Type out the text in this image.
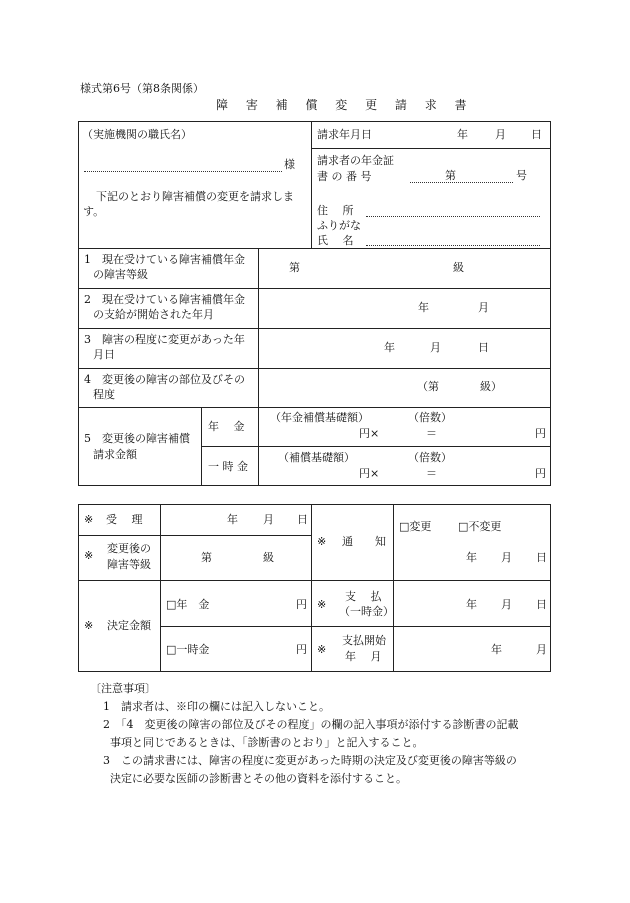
様式第6号（第8条関係）
障 害 補 償 変 更 請 求 書
（実施機関の職氏名）
様
下記のとおり障害補償の変更を請求しま
す。
請求年月日	年 月 日
請求者の年金証
書 の 番 号	第	号
住　 所
ふりがな
氏　 名
1　現在受けている障害補償年金
の障害等級
第	級
2　現在受けている障害補償年金
の支給が開始された年月
年	月
3　障害の程度に変更があった年
月日
年	月	日
4　変更後の障害の部位及びその
程度
（第	級）
5　変更後の障害補償
請求金額
年　 金
（年金補償基礎額）	（倍数）
円×	＝	円
一 時 金
（補償基礎額）	（倍数）
円×	＝	円
※ 受　 理	年 月 日
※
変更後の
障害等級
第	級
※ 通　　知
□変更 □不変更
年 月 日
※ 決定金額
□年　金	円
□一時金	円
※
支　 払
（一時金）
年 月 日
※
支払開始
年　 月
年	月
〔注意事項〕
1　請求者は、※印の欄には記入しないこと。
2　「4　変更後の障害の部位及びその程度」の欄の記入事項が添付する診断書の記載
事項と同じであるときは、「診断書のとおり」と記入すること。
3　この請求書には、障害の程度に変更があった時期の決定及び変更後の障害等級の
決定に必要な医師の診断書とその他の資料を添付すること。
